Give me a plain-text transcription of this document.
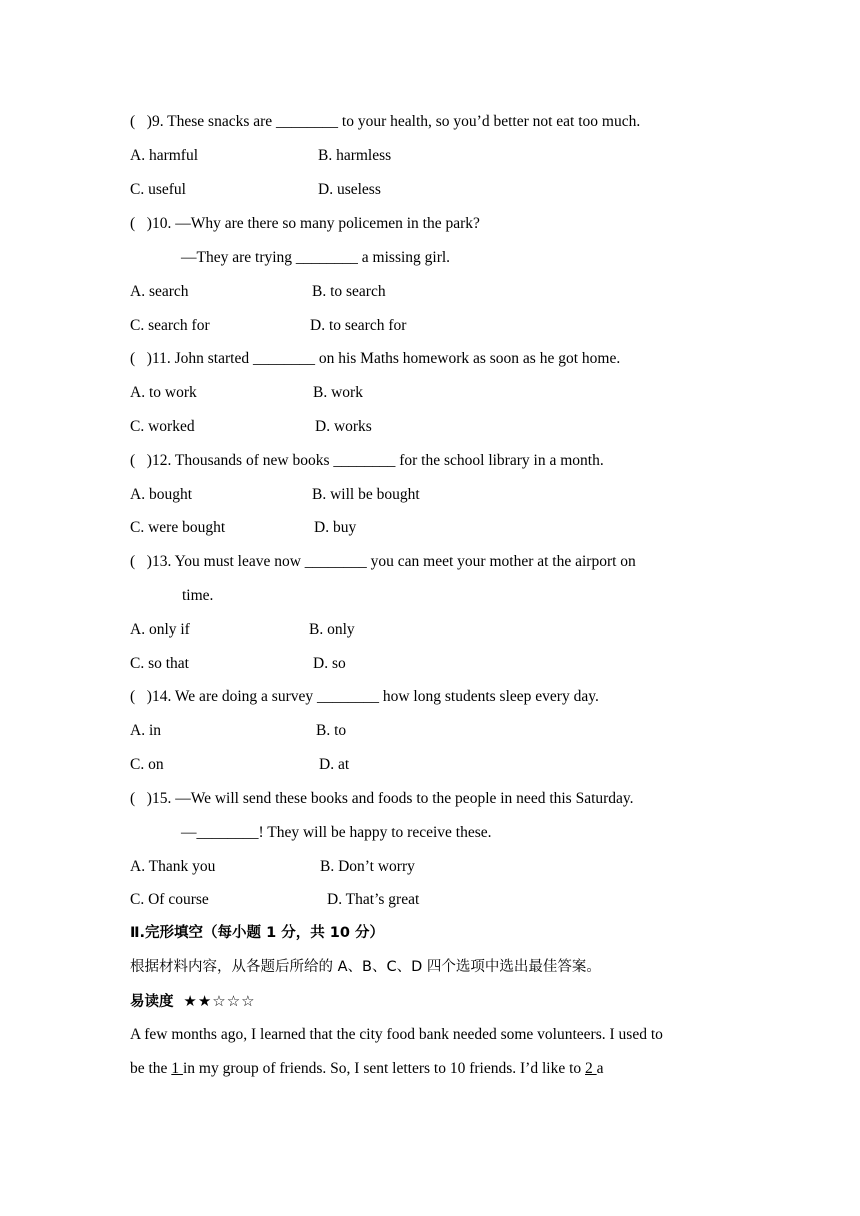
(   )9. These snacks are ________ to your health, so you’d better not eat too much.
A. harmful	B. harmless
C. useful	D. useless
(   )10. —Why are there so many policemen in the park?
—They are trying ________ a missing girl.
A. search	B. to search
C. search for	D. to search for
(   )11. John started ________ on his Maths homework as soon as he got home.
A. to work	B. work
C. worked	D. works
(   )12. Thousands of new books ________ for the school library in a month.
A. bought	B. will be bought
C. were bought	D. buy
(   )13. You must leave now ________ you can meet your mother at the airport on
time.
A. only if	B. only
C. so that	D. so
(   )14. We are doing a survey ________ how long students sleep every day.
A. in	B. to
C. on	D. at
(   )15. —We will send these books and foods to the people in need this Saturday.
—________! They will be happy to receive these.
A. Thank you	B. Don’t worry
C. Of course	D. That’s great
Ⅱ.完形填空（每小题 1 分，共 10 分）
根据材料内容，从各题后所给的 A、B、C、D 四个选项中选出最佳答案。
易读度 ★★☆☆☆
A few months ago, I learned that the city food bank needed some volunteers. I used to
be the 1 in my group of friends. So, I sent letters to 10 friends. I’d like to 2 a
